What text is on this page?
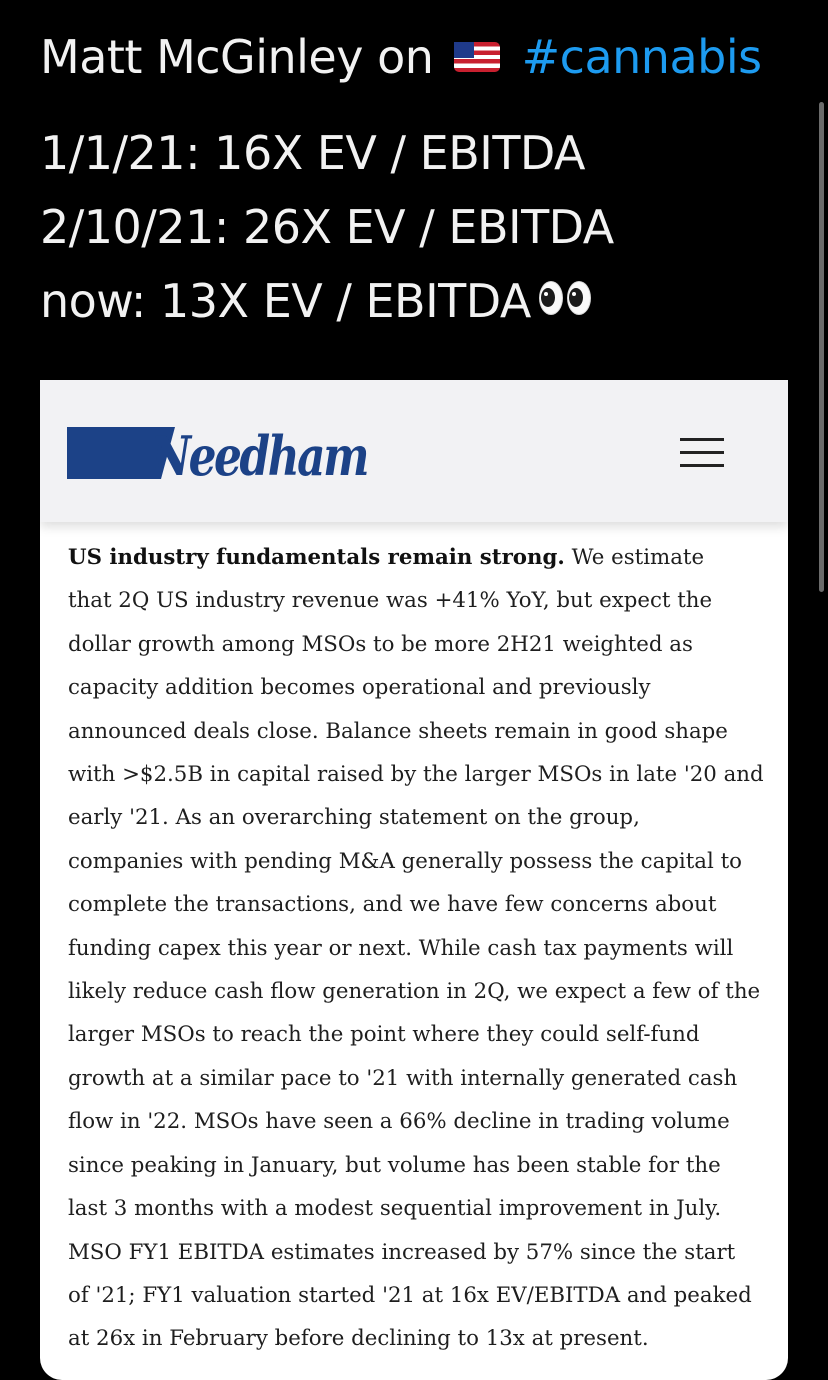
Matt McGinley on #cannabis
1/1/21: 16X EV / EBITDA
2/10/21: 26X EV / EBITDA
now: 13X EV / EBITDA
Needham
US industry fundamentals remain strong. We estimate
that 2Q US industry revenue was +41% YoY, but expect the
dollar growth among MSOs to be more 2H21 weighted as
capacity addition becomes operational and previously
announced deals close. Balance sheets remain in good shape
with >$2.5B in capital raised by the larger MSOs in late '20 and
early '21. As an overarching statement on the group,
companies with pending M&A generally possess the capital to
complete the transactions, and we have few concerns about
funding capex this year or next. While cash tax payments will
likely reduce cash flow generation in 2Q, we expect a few of the
larger MSOs to reach the point where they could self-fund
growth at a similar pace to '21 with internally generated cash
flow in '22. MSOs have seen a 66% decline in trading volume
since peaking in January, but volume has been stable for the
last 3 months with a modest sequential improvement in July.
MSO FY1 EBITDA estimates increased by 57% since the start
of '21; FY1 valuation started '21 at 16x EV/EBITDA and peaked
at 26x in February before declining to 13x at present.
